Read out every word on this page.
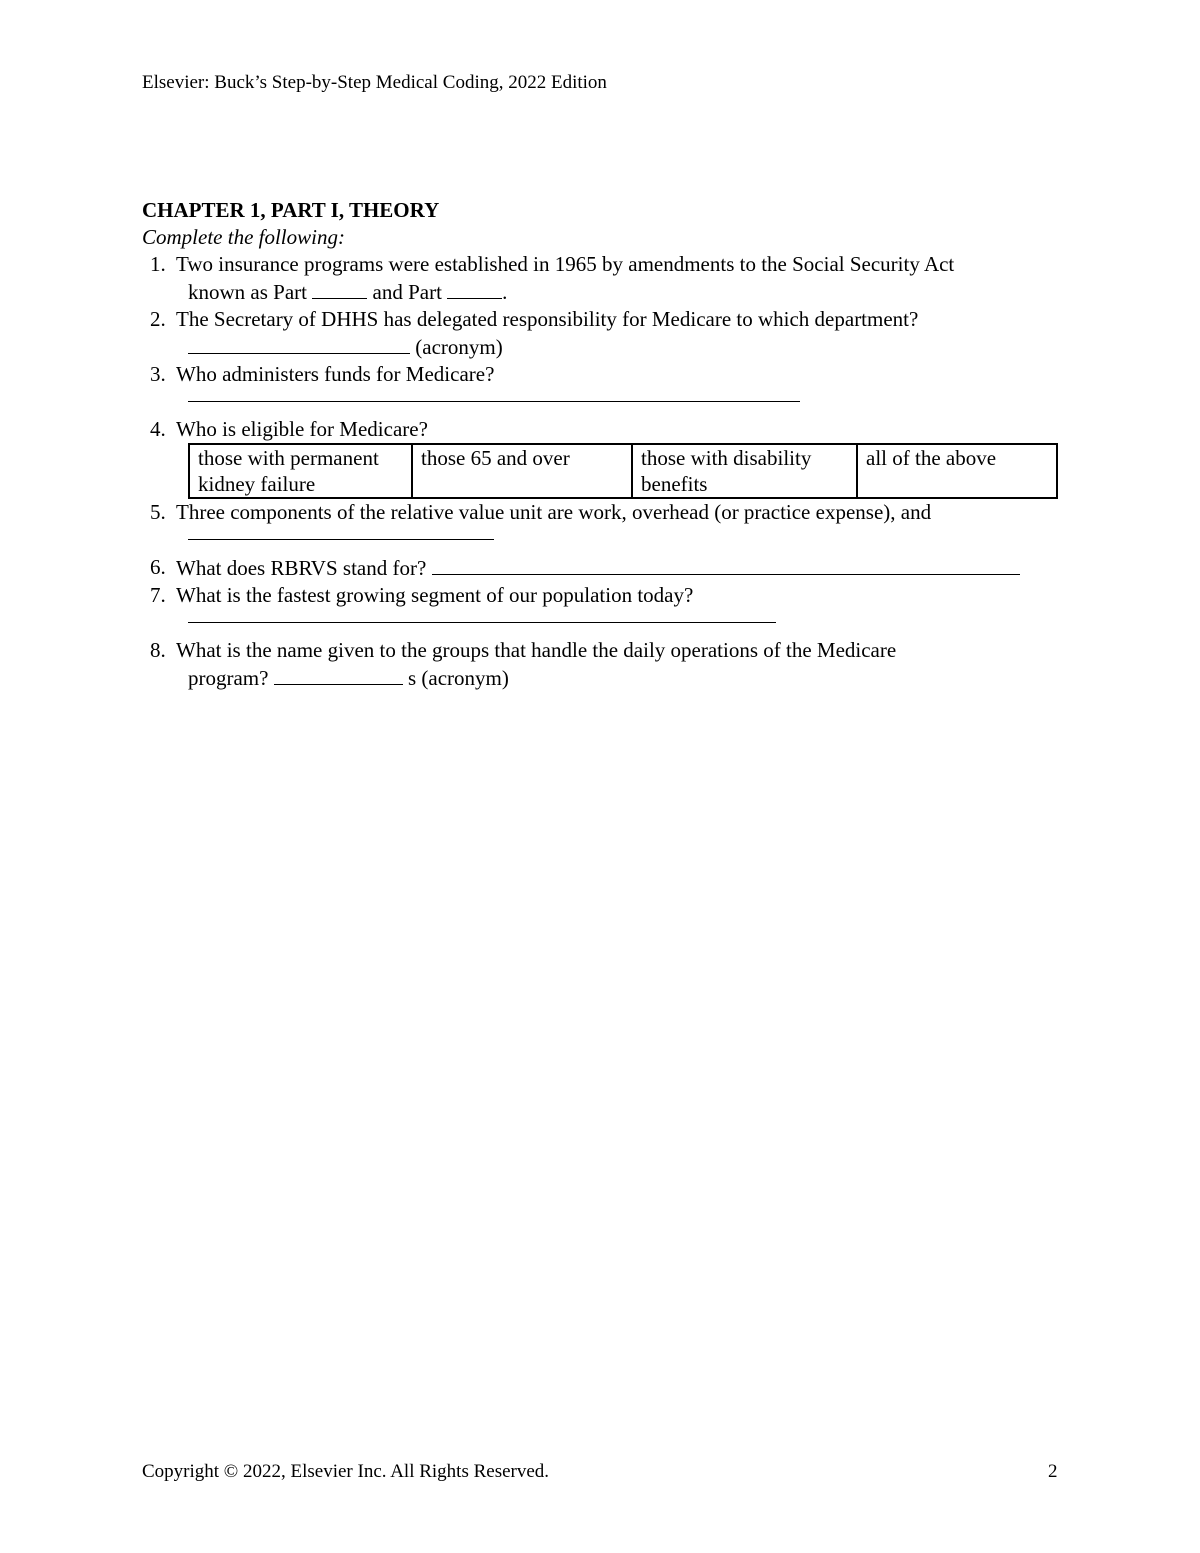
Elsevier: Buck’s Step-by-Step Medical Coding, 2022 Edition
CHAPTER 1, PART I, THEORY
Complete the following:
1. Two insurance programs were established in 1965 by amendments to the Social Security Act
known as Part	and Part	.
2. The Secretary of DHHS has delegated responsibility for Medicare to which department?
(acronym)
3. Who administers funds for Medicare?
4. Who is eligible for Medicare?
those with permanent kidney failure	those 65 and over	those with disability benefits	all of the above
5. Three components of the relative value unit are work, overhead (or practice expense), and
6. What does RBRVS stand for?
7. What is the fastest growing segment of our population today?
8. What is the name given to the groups that handle the daily operations of the Medicare
program?	s (acronym)
Copyright © 2022, Elsevier Inc. All Rights Reserved.	2
